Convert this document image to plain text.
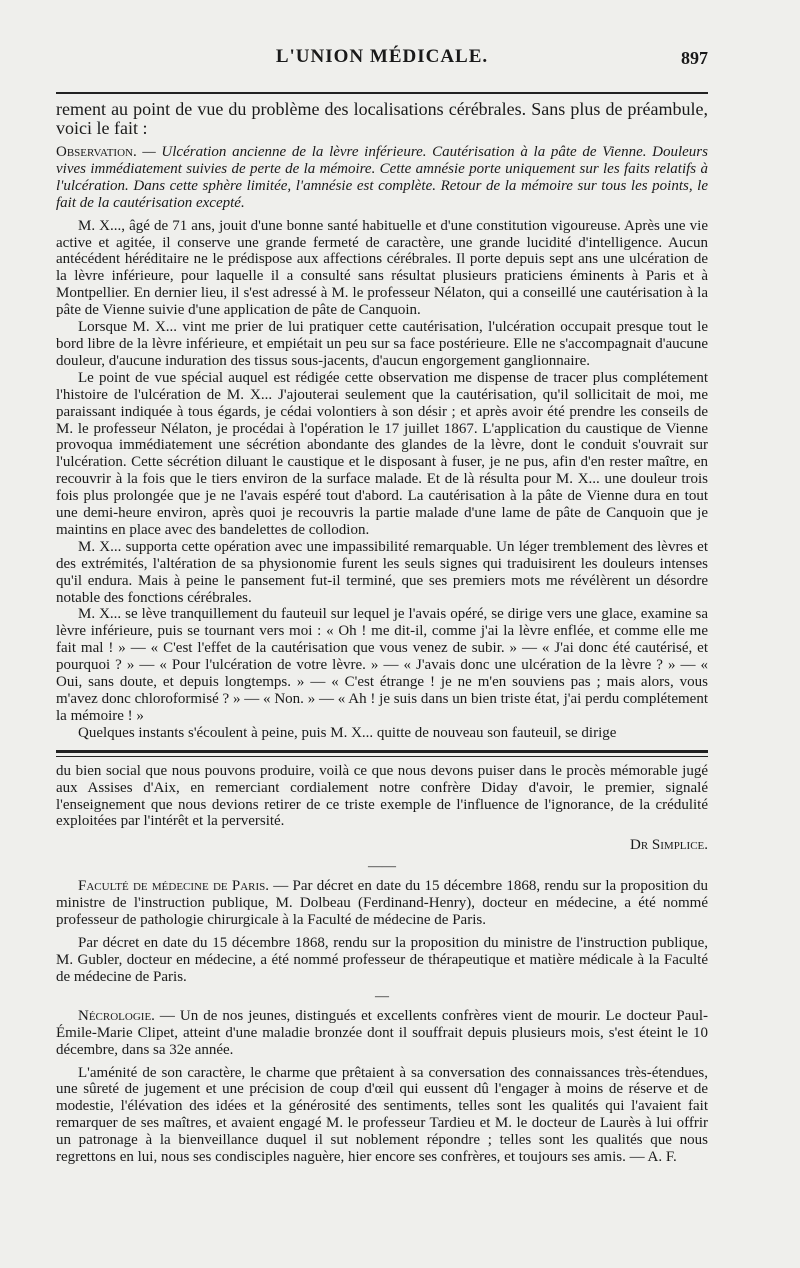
L'UNION MÉDICALE.	897

rement au point de vue du problème des localisations cérébrales. Sans plus de préambule, voici le fait :

Observation. — Ulcération ancienne de la lèvre inférieure. Cautérisation à la pâte de Vienne. Douleurs vives immédiatement suivies de perte de la mémoire. Cette amnésie porte uniquement sur les faits relatifs à l'ulcération. Dans cette sphère limitée, l'amnésie est complète. Retour de la mémoire sur tous les points, le fait de la cautérisation excepté.

M. X..., âgé de 71 ans, jouit d'une bonne santé habituelle et d'une constitution vigoureuse. Après une vie active et agitée, il conserve une grande fermeté de caractère, une grande lucidité d'intelligence. Aucun antécédent héréditaire ne le prédispose aux affections cérébrales. Il porte depuis sept ans une ulcération de la lèvre inférieure, pour laquelle il a consulté sans résultat plusieurs praticiens éminents à Paris et à Montpellier. En dernier lieu, il s'est adressé à M. le professeur Nélaton, qui a conseillé une cautérisation à la pâte de Vienne suivie d'une application de pâte de Canquoin.

Lorsque M. X... vint me prier de lui pratiquer cette cautérisation, l'ulcération occupait presque tout le bord libre de la lèvre inférieure, et empiétait un peu sur sa face postérieure. Elle ne s'accompagnait d'aucune douleur, d'aucune induration des tissus sous-jacents, d'aucun engorgement ganglionnaire.

Le point de vue spécial auquel est rédigée cette observation me dispense de tracer plus complétement l'histoire de l'ulcération de M. X... J'ajouterai seulement que la cautérisation, qu'il sollicitait de moi, me paraissant indiquée à tous égards, je cédai volontiers à son désir ; et après avoir été prendre les conseils de M. le professeur Nélaton, je procédai à l'opération le 17 juillet 1867. L'application du caustique de Vienne provoqua immédiatement une sécrétion abondante des glandes de la lèvre, dont le conduit s'ouvrait sur l'ulcération. Cette sécrétion diluant le caustique et le disposant à fuser, je ne pus, afin d'en rester maître, en recouvrir à la fois que le tiers environ de la surface malade. Et de là résulta pour M. X... une douleur trois fois plus prolongée que je ne l'avais espéré tout d'abord. La cautérisation à la pâte de Vienne dura en tout une demi-heure environ, après quoi je recouvris la partie malade d'une lame de pâte de Canquoin que je maintins en place avec des bandelettes de collodion.

M. X... supporta cette opération avec une impassibilité remarquable. Un léger tremblement des lèvres et des extrémités, l'altération de sa physionomie furent les seuls signes qui traduisirent les douleurs intenses qu'il endura. Mais à peine le pansement fut-il terminé, que ses premiers mots me révélèrent un désordre notable des fonctions cérébrales.

M. X... se lève tranquillement du fauteuil sur lequel je l'avais opéré, se dirige vers une glace, examine sa lèvre inférieure, puis se tournant vers moi : « Oh ! me dit-il, comme j'ai la lèvre enflée, et comme elle me fait mal ! » — « C'est l'effet de la cautérisation que vous venez de subir. » — « J'ai donc été cautérisé, et pourquoi ? » — « Pour l'ulcération de votre lèvre. » — « J'avais donc une ulcération de la lèvre ? » — « Oui, sans doute, et depuis longtemps. » — « C'est étrange ! je ne m'en souviens pas ; mais alors, vous m'avez donc chloroformisé ? » — « Non. » — « Ah ! je suis dans un bien triste état, j'ai perdu complétement la mémoire ! »

Quelques instants s'écoulent à peine, puis M. X... quitte de nouveau son fauteuil, se dirige

du bien social que nous pouvons produire, voilà ce que nous devons puiser dans le procès mémorable jugé aux Assises d'Aix, en remerciant cordialement notre confrère Diday d'avoir, le premier, signalé l'enseignement que nous devions retirer de ce triste exemple de l'influence de l'ignorance, de la crédulité exploitées par l'intérêt et la perversité.

Dr Simplice.
——

Faculté de médecine de Paris. — Par décret en date du 15 décembre 1868, rendu sur la proposition du ministre de l'instruction publique, M. Dolbeau (Ferdinand-Henry), docteur en médecine, a été nommé professeur de pathologie chirurgicale à la Faculté de médecine de Paris.

Par décret en date du 15 décembre 1868, rendu sur la proposition du ministre de l'instruction publique, M. Gubler, docteur en médecine, a été nommé professeur de thérapeutique et matière médicale à la Faculté de médecine de Paris.

—

Nécrologie. — Un de nos jeunes, distingués et excellents confrères vient de mourir. Le docteur Paul-Émile-Marie Clipet, atteint d'une maladie bronzée dont il souffrait depuis plusieurs mois, s'est éteint le 10 décembre, dans sa 32e année.

L'aménité de son caractère, le charme que prêtaient à sa conversation des connaissances très-étendues, une sûreté de jugement et une précision de coup d'œil qui eussent dû l'engager à moins de réserve et de modestie, l'élévation des idées et la générosité des sentiments, telles sont les qualités qui l'avaient fait remarquer de ses maîtres, et avaient engagé M. le professeur Tardieu et M. le docteur de Laurès à lui offrir un patronage à la bienveillance duquel il sut noblement répondre ; telles sont les qualités que nous regrettons en lui, nous ses condisciples naguère, hier encore ses confrères, et toujours ses amis. — A. F.
